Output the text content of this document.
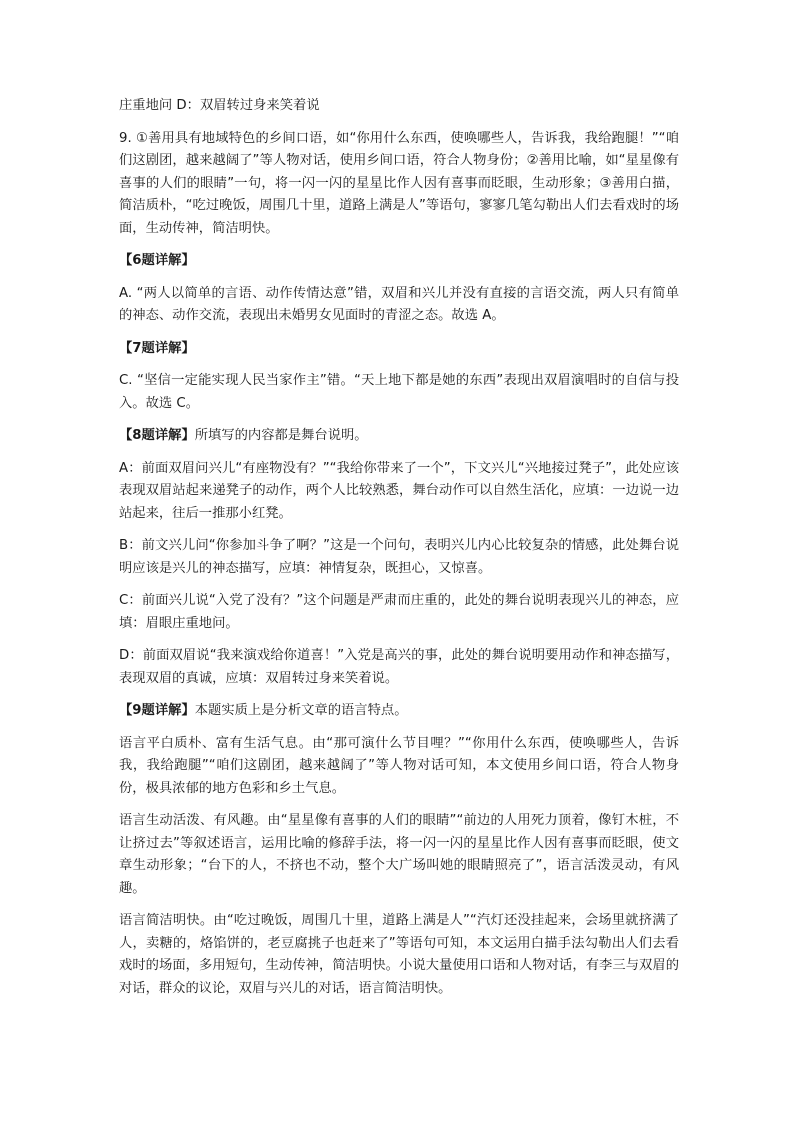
庄重地问 D：双眉转过身来笑着说

9. ①善用具有地域特色的乡间口语，如“你用什么东西，使唤哪些人，告诉我，我给跑腿！”“咱们这剧团，越来越阔了”等人物对话，使用乡间口语，符合人物身份；②善用比喻，如“星星像有喜事的人们的眼睛”一句，将一闪一闪的星星比作人因有喜事而眨眼，生动形象；③善用白描，简洁质朴，“吃过晚饭，周围几十里，道路上满是人”等语句，寥寥几笔勾勒出人们去看戏时的场面，生动传神，简洁明快。

【6题详解】

A. “两人以简单的言语、动作传情达意”错，双眉和兴儿并没有直接的言语交流，两人只有简单的神态、动作交流，表现出未婚男女见面时的青涩之态。故选 A。

【7题详解】

C. “坚信一定能实现人民当家作主”错。“天上地下都是她的东西”表现出双眉演唱时的自信与投入。故选 C。

【8题详解】所填写的内容都是舞台说明。

A：前面双眉问兴儿“有座物没有？”“我给你带来了一个”，下文兴儿“兴地接过凳子”，此处应该表现双眉站起来递凳子的动作，两个人比较熟悉，舞台动作可以自然生活化，应填：一边说一边站起来，往后一推那小红凳。

B：前文兴儿问“你参加斗争了啊？”这是一个问句，表明兴儿内心比较复杂的情感，此处舞台说明应该是兴儿的神态描写，应填：神情复杂，既担心，又惊喜。

C：前面兴儿说“入党了没有？”这个问题是严肃而庄重的，此处的舞台说明表现兴儿的神态，应填：眉眼庄重地问。

D：前面双眉说“我来演戏给你道喜！”入党是高兴的事，此处的舞台说明要用动作和神态描写，表现双眉的真诚，应填：双眉转过身来笑着说。

【9题详解】本题实质上是分析文章的语言特点。

语言平白质朴、富有生活气息。由“那可演什么节目哩？”“你用什么东西，使唤哪些人，告诉我，我给跑腿”“咱们这剧团，越来越阔了”等人物对话可知，本文使用乡间口语，符合人物身份，极具浓郁的地方色彩和乡土气息。

语言生动活泼、有风趣。由“星星像有喜事的人们的眼睛”“前边的人用死力顶着，像钉木桩，不让挤过去”等叙述语言，运用比喻的修辞手法，将一闪一闪的星星比作人因有喜事而眨眼，使文章生动形象；“台下的人，不挤也不动，整个大广场叫她的眼睛照亮了”，语言活泼灵动，有风趣。

语言简洁明快。由“吃过晚饭，周围几十里，道路上满是人”“汽灯还没挂起来，会场里就挤满了人，卖糖的，烙馅饼的，老豆腐挑子也赶来了”等语句可知，本文运用白描手法勾勒出人们去看戏时的场面，多用短句，生动传神，简洁明快。小说大量使用口语和人物对话，有李三与双眉的对话，群众的议论，双眉与兴儿的对话，语言简洁明快。
